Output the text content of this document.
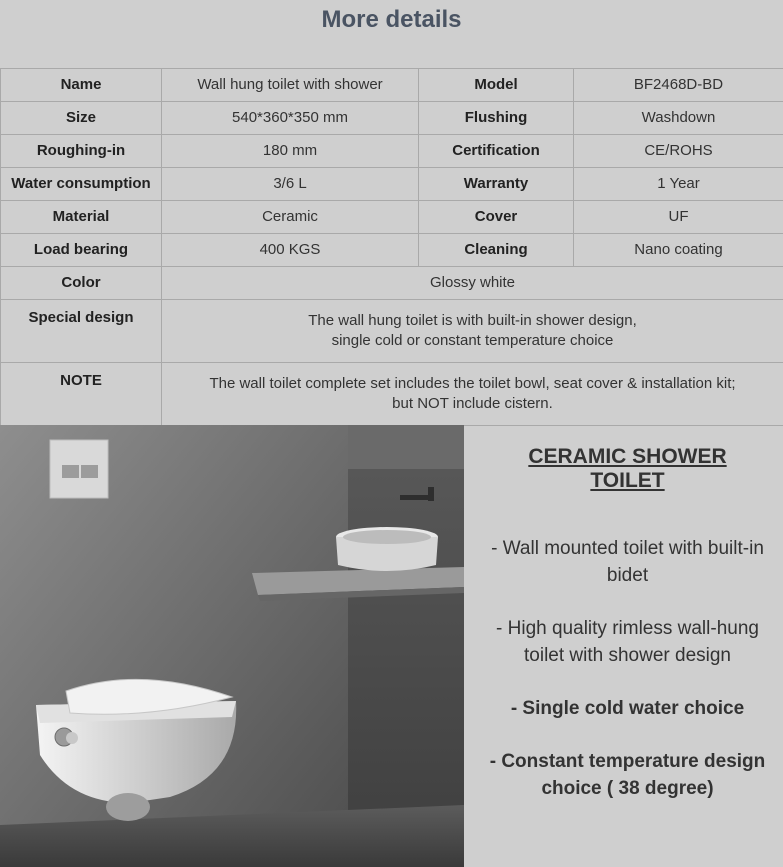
More details
Name	Wall hung toilet with shower	Model	BF2468D-BD
Size	540*360*350 mm	Flushing	Washdown
Roughing-in	180 mm	Certification	CE/ROHS
Water consumption	3/6 L	Warranty	1 Year
Material	Ceramic	Cover	UF
Load bearing	400 KGS	Cleaning	Nano coating
Color	Glossy white		
Special design	The wall hung toilet is with built-in shower design,
single cold or constant temperature choice		

NOTE	The wall toilet complete set includes the toilet bowl, seat cover & installation kit;
but NOT include cistern.		
CERAMIC SHOWER
TOILET

- Wall mounted toilet with built-in
bidet

- High quality rimless wall-hung
toilet with shower design

- Single cold water choice

- Constant temperature design
choice ( 38 degree)
